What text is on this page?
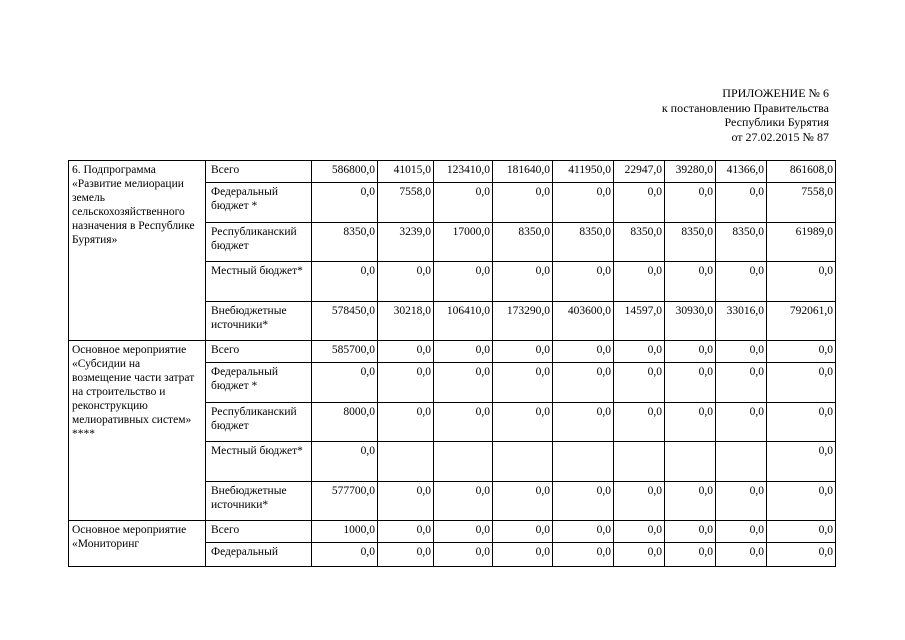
ПРИЛОЖЕНИЕ № 6
к постановлению Правительства
Республики Бурятия
от 27.02.2015 № 87
6. Подпрограмма «Развитие мелиорации земель сельскохозяйственного назначения в Республике Бурятия»	Всего	586800,0	41015,0	123410,0	181640,0	411950,0	22947,0	39280,0	41366,0	861608,0
	Федеральный бюджет *	0,0	7558,0	0,0	0,0	0,0	0,0	0,0	0,0	7558,0
	Республиканский бюджет	8350,0	3239,0	17000,0	8350,0	8350,0	8350,0	8350,0	8350,0	61989,0
	Местный бюджет*	0,0	0,0	0,0	0,0	0,0	0,0	0,0	0,0	0,0
	Внебюджетные источники*	578450,0	30218,0	106410,0	173290,0	403600,0	14597,0	30930,0	33016,0	792061,0
Основное мероприятие «Субсидии на возмещение части затрат на строительство и реконструкцию мелиоративных систем» ****	Всего	585700,0	0,0	0,0	0,0	0,0	0,0	0,0	0,0	0,0
	Федеральный бюджет *	0,0	0,0	0,0	0,0	0,0	0,0	0,0	0,0	0,0
	Республиканский бюджет	8000,0	0,0	0,0	0,0	0,0	0,0	0,0	0,0	0,0
	Местный бюджет*	0,0								0,0
	Внебюджетные источники*	577700,0	0,0	0,0	0,0	0,0	0,0	0,0	0,0	0,0
Основное мероприятие «Мониторинг	Всего	1000,0	0,0	0,0	0,0	0,0	0,0	0,0	0,0	0,0
	Федеральный	0,0	0,0	0,0	0,0	0,0	0,0	0,0	0,0	0,0
